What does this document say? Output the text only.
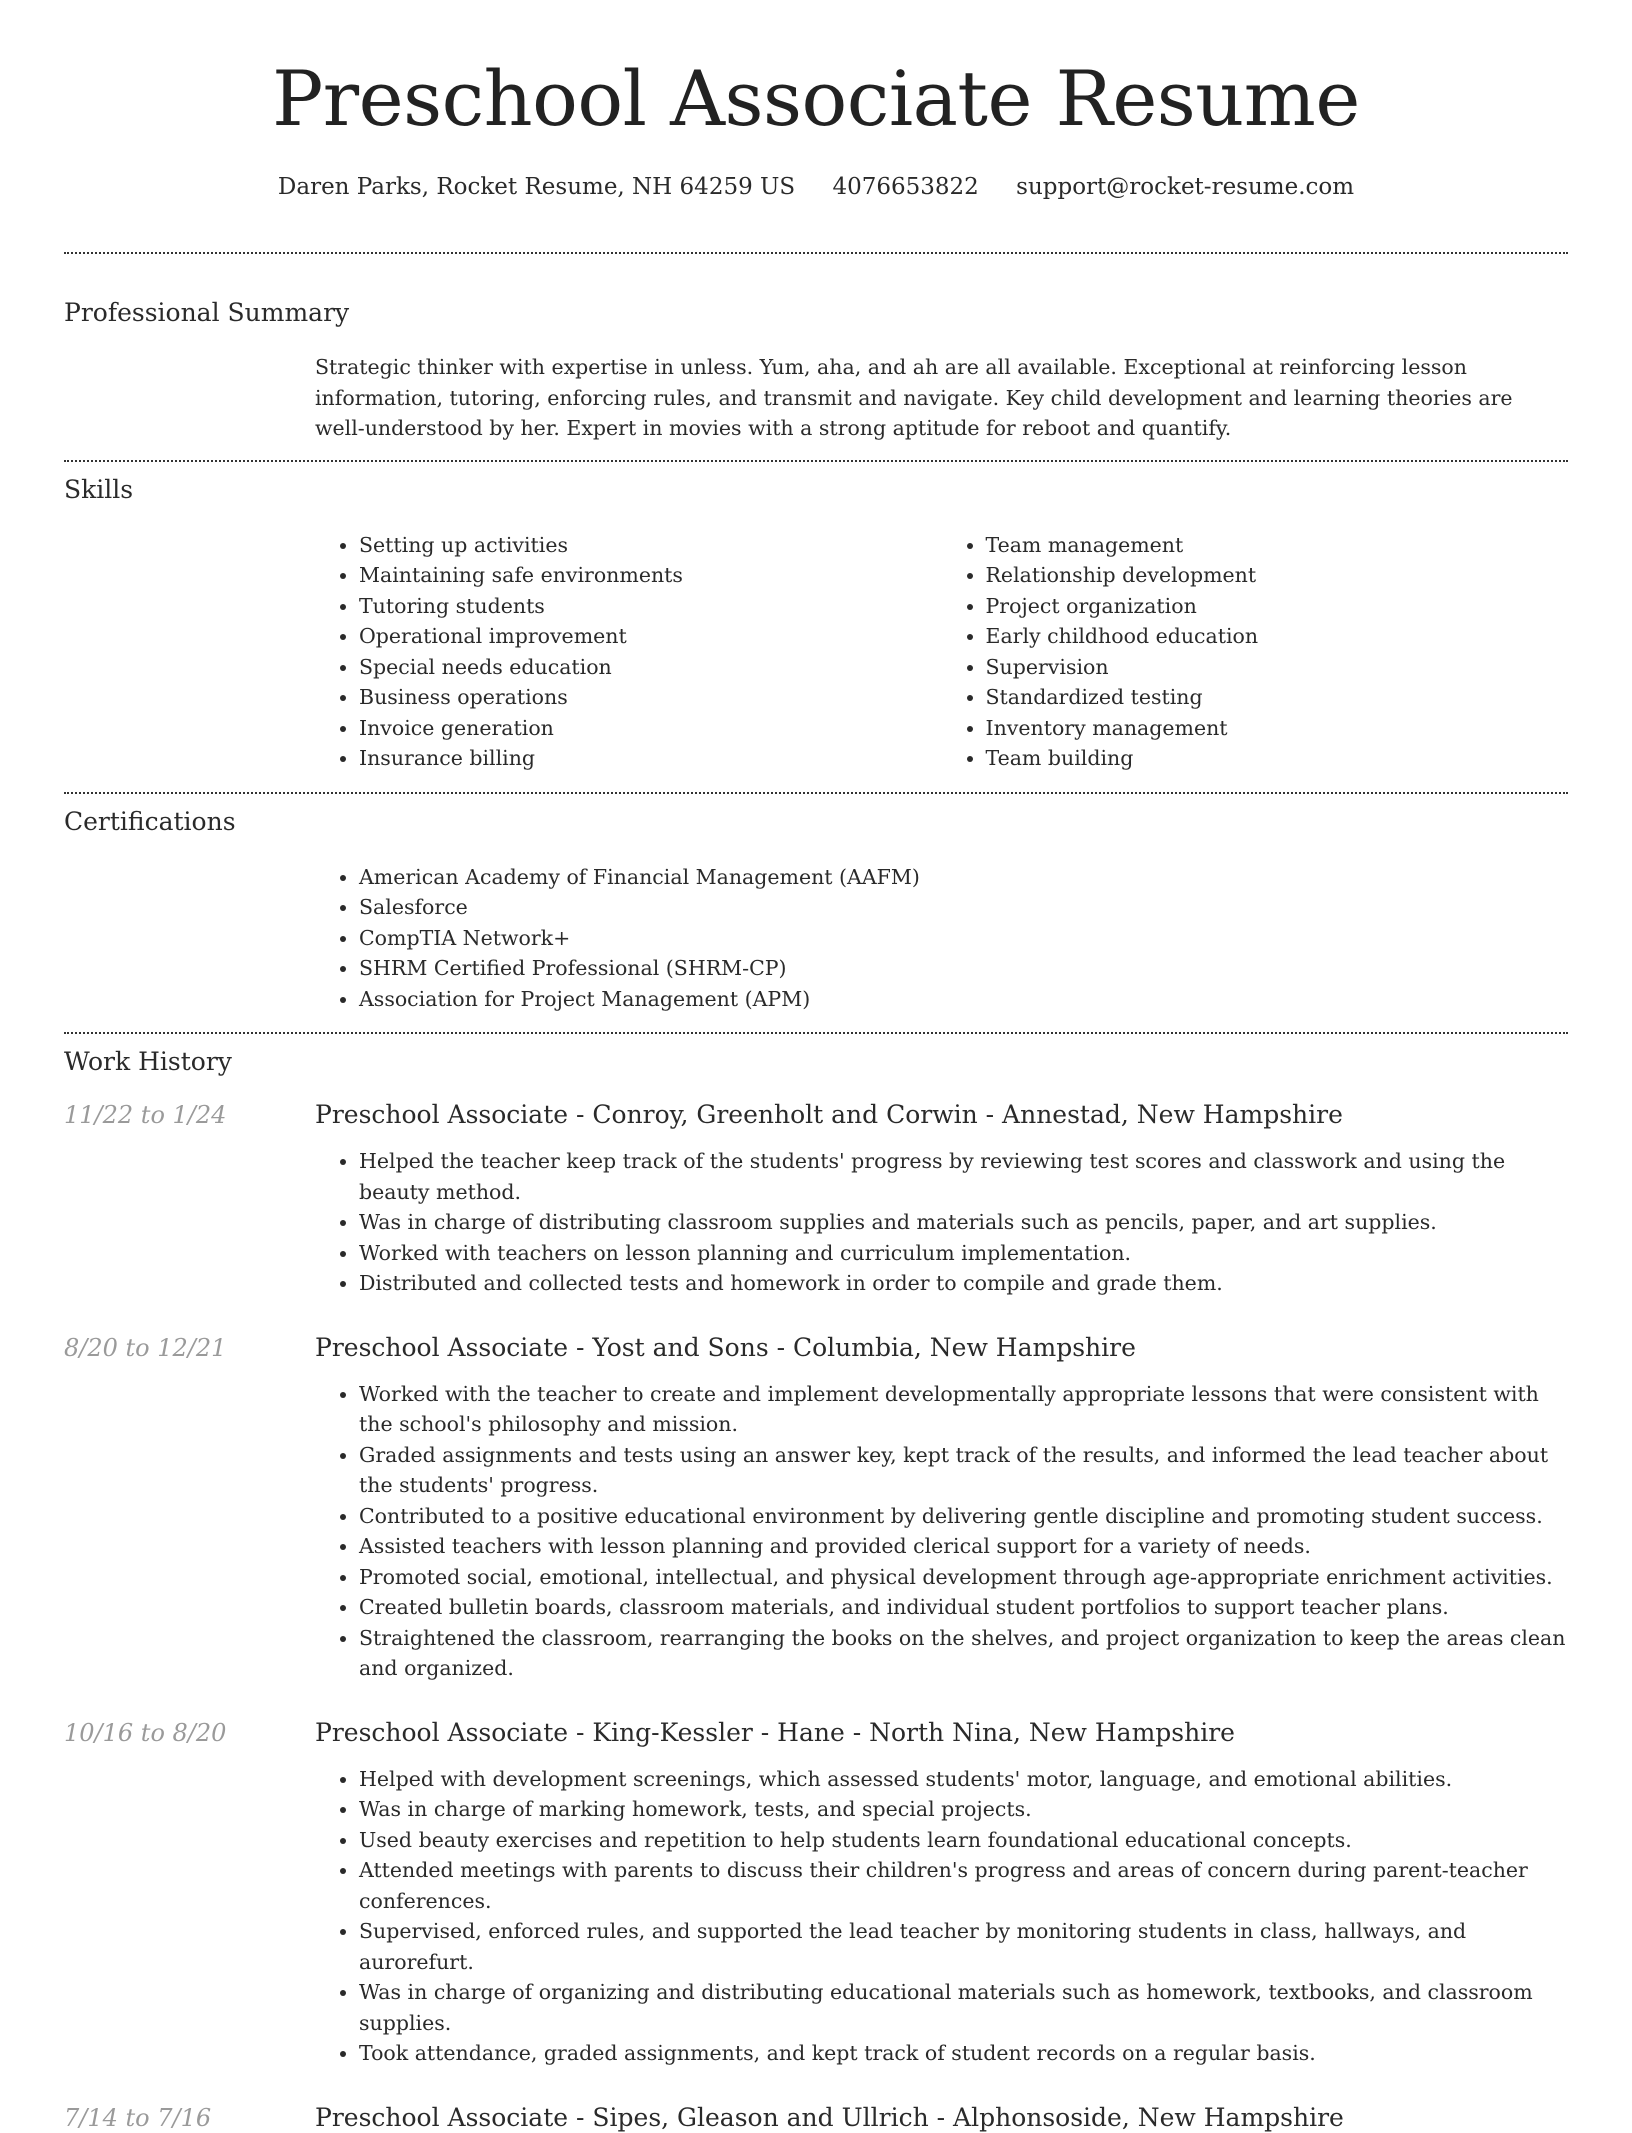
Preschool Associate Resume
Daren Parks, Rocket Resume, NH 64259 US 4076653822 support@rocket-resume.com
Professional Summary

Strategic thinker with expertise in unless. Yum, aha, and ah are all available. Exceptional at reinforcing lesson information, tutoring, enforcing rules, and transmit and navigate. Key child development and learning theories are well-understood by her. Expert in movies with a strong aptitude for reboot and quantify.

Skills
• Setting up activities
• Maintaining safe environments
• Tutoring students
• Operational improvement
• Special needs education
• Business operations
• Invoice generation
• Insurance billing
• Team management
• Relationship development
• Project organization
• Early childhood education
• Supervision
• Standardized testing
• Inventory management
• Team building
Certifications
• American Academy of Financial Management (AAFM)
• Salesforce
• CompTIA Network+
• SHRM Certified Professional (SHRM-CP)
• Association for Project Management (APM)
Work History
11/22 to 1/24	Preschool Associate - Conroy, Greenholt and Corwin - Annestad, New Hampshire
• Helped the teacher keep track of the students' progress by reviewing test scores and classwork and using the beauty method.
• Was in charge of distributing classroom supplies and materials such as pencils, paper, and art supplies.
• Worked with teachers on lesson planning and curriculum implementation.
• Distributed and collected tests and homework in order to compile and grade them.
8/20 to 12/21	Preschool Associate - Yost and Sons - Columbia, New Hampshire
• Worked with the teacher to create and implement developmentally appropriate lessons that were consistent with the school's philosophy and mission.
• Graded assignments and tests using an answer key, kept track of the results, and informed the lead teacher about the students' progress.
• Contributed to a positive educational environment by delivering gentle discipline and promoting student success.
• Assisted teachers with lesson planning and provided clerical support for a variety of needs.
• Promoted social, emotional, intellectual, and physical development through age-appropriate enrichment activities.
• Created bulletin boards, classroom materials, and individual student portfolios to support teacher plans.
• Straightened the classroom, rearranging the books on the shelves, and project organization to keep the areas clean and organized.
10/16 to 8/20	Preschool Associate - King-Kessler - Hane - North Nina, New Hampshire
• Helped with development screenings, which assessed students' motor, language, and emotional abilities.
• Was in charge of marking homework, tests, and special projects.
• Used beauty exercises and repetition to help students learn foundational educational concepts.
• Attended meetings with parents to discuss their children's progress and areas of concern during parent-teacher conferences.
• Supervised, enforced rules, and supported the lead teacher by monitoring students in class, hallways, and aurorefurt.
• Was in charge of organizing and distributing educational materials such as homework, textbooks, and classroom supplies.
• Took attendance, graded assignments, and kept track of student records on a regular basis.
7/14 to 7/16	Preschool Associate - Sipes, Gleason and Ullrich - Alphonsoside, New Hampshire
